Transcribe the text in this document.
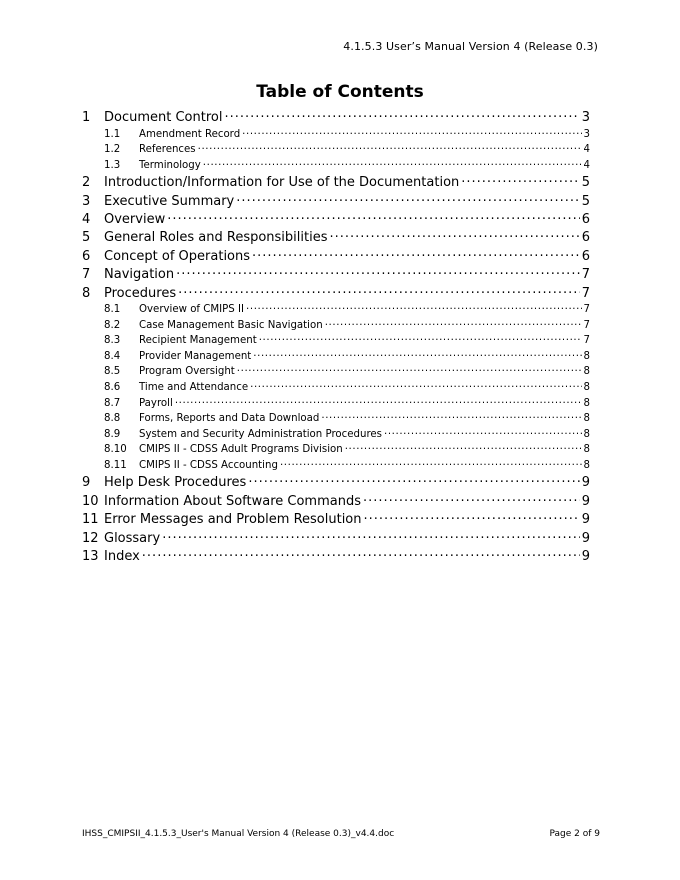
4.1.5.3 User’s Manual Version 4 (Release 0.3)
Table of Contents
1	Document Control .....	3
1.1	Amendment Record .....	3
1.2	References .....	4
1.3	Terminology .....	4
2	Introduction/Information for Use of the Documentation .....	5
3	Executive Summary .....	5
4	Overview .....	6
5	General Roles and Responsibilities .....	6
6	Concept of Operations .....	6
7	Navigation .....	7
8	Procedures .....	7
8.1	Overview of CMIPS II .....	7
8.2	Case Management Basic Navigation .....	7
8.3	Recipient Management .....	7
8.4	Provider Management .....	8
8.5	Program Oversight .....	8
8.6	Time and Attendance .....	8
8.7	Payroll .....	8
8.8	Forms, Reports and Data Download .....	8
8.9	System and Security Administration Procedures .....	8
8.10	CMIPS II - CDSS Adult Programs Division .....	8
8.11	CMIPS II - CDSS Accounting .....	8
9	Help Desk Procedures .....	9
10 Information About Software Commands .....	9
11 Error Messages and Problem Resolution .....	9
12 Glossary .....	9
13 Index .....	9
IHSS_CMIPSII_4.1.5.3_User's Manual Version 4 (Release 0.3)_v4.4.doc	Page 2 of 9
